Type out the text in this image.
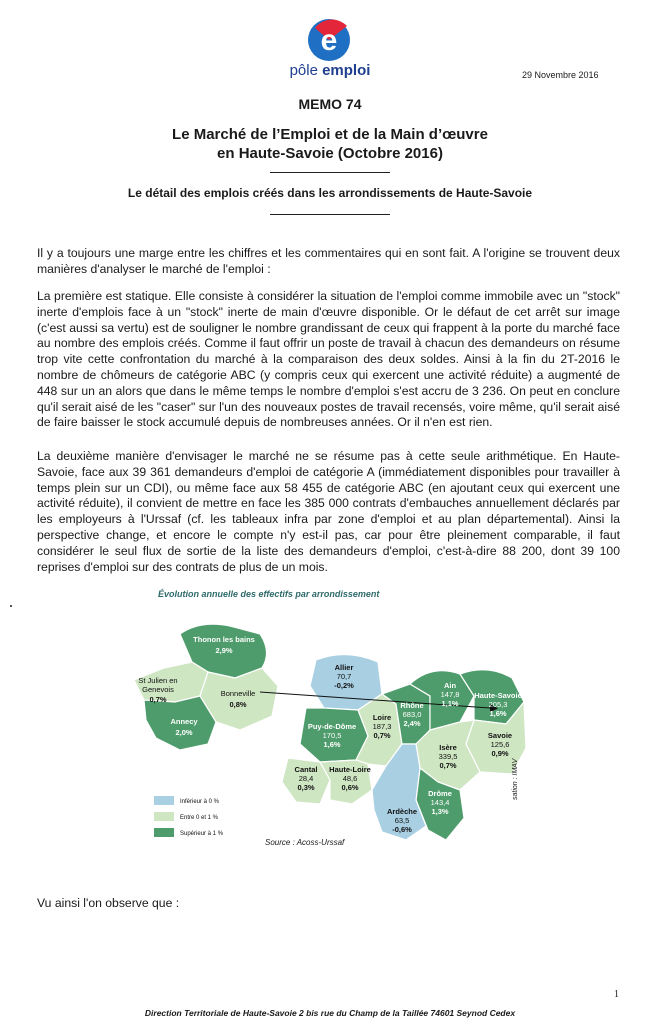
e
pôle emploi	29 Novembre 2016
MEMO 74
Le Marché de l’Emploi et de la Main d’œuvre
en Haute-Savoie (Octobre 2016)
Le détail des emplois créés dans les arrondissements de Haute-Savoie
Il y a toujours une marge entre les chiffres et les commentaires qui en sont fait. A l'origine se trouvent deux manières d'analyser le marché de l'emploi :
La première est statique. Elle consiste à considérer la situation de l'emploi comme immobile avec un "stock" inerte d'emplois face à un "stock" inerte de main d'œuvre disponible. Or le défaut de cet arrêt sur image (c'est aussi sa vertu) est de souligner le nombre grandissant de ceux qui frappent à la porte du marché face au nombre des emplois créés. Comme il faut offrir un poste de travail à chacun des demandeurs on résume trop vite cette confrontation du marché à la comparaison des deux soldes. Ainsi à la fin du 2T-2016 le nombre de chômeurs de catégorie ABC (y compris ceux qui exercent une activité réduite) a augmenté de 448 sur un an alors que dans le même temps le nombre d'emploi s'est accru de 3 236. On peut en conclure qu'il serait aisé de les "caser" sur l'un des nouveaux postes de travail recensés, voire même, qu'il serait aisé de faire baisser le stock accumulé depuis de nombreuses années. Or il n'en est rien.
La deuxième manière d'envisager le marché ne se résume pas à cette seule arithmétique. En Haute-Savoie, face aux 39 361 demandeurs d'emploi de catégorie A (immédiatement disponibles pour travailler à temps plein sur un CDI), ou même face aux 58 455 de catégorie ABC (en ajoutant ceux qui exercent une activité réduite), il convient de mettre en face les 385 000 contrats d'embauches annuellement déclarés par les employeurs à l'Urssaf (cf. les tableaux infra par zone d'emploi et au plan départemental). Ainsi la perspective change, et encore le compte n'y est-il pas, car pour être pleinement comparable, il faut considérer le seul flux de sortie de la liste des demandeurs d'emploi, c'est-à-dire 88 200, dont 39 100 reprises d'emploi sur des contrats de plus de un mois.
Évolution annuelle des effectifs par arrondissement
Thonon les bains
2,9%
St Julien en
Genevois
0,7%
Bonneville
0,8%
Annecy
2,0%
Allier
70,7
-0,2%
Puy-de-Dôme
170,5
1,6%
Loire
187,3
0,7%
Rhône
683,0
2,4%
Ain
147,8
1,1%
Haute-Savoie
205,3
1,6%
Savoie
125,6
0,9%
Isère
339,5
0,7%
Cantal
28,4
0,3%
Haute-Loire
48,6
0,6%
Drôme
143,4
1,3%
Ardèche
63,5
-0,6%
Inférieur à 0 %
Entre 0 et 1 %
Supérieur à 1 %
Source : Acoss-Urssaf
sation : IMAV
Vu ainsi l'on observe que :
1
Direction Territoriale de Haute-Savoie 2 bis rue du Champ de la Taillée 74601 Seynod Cedex
